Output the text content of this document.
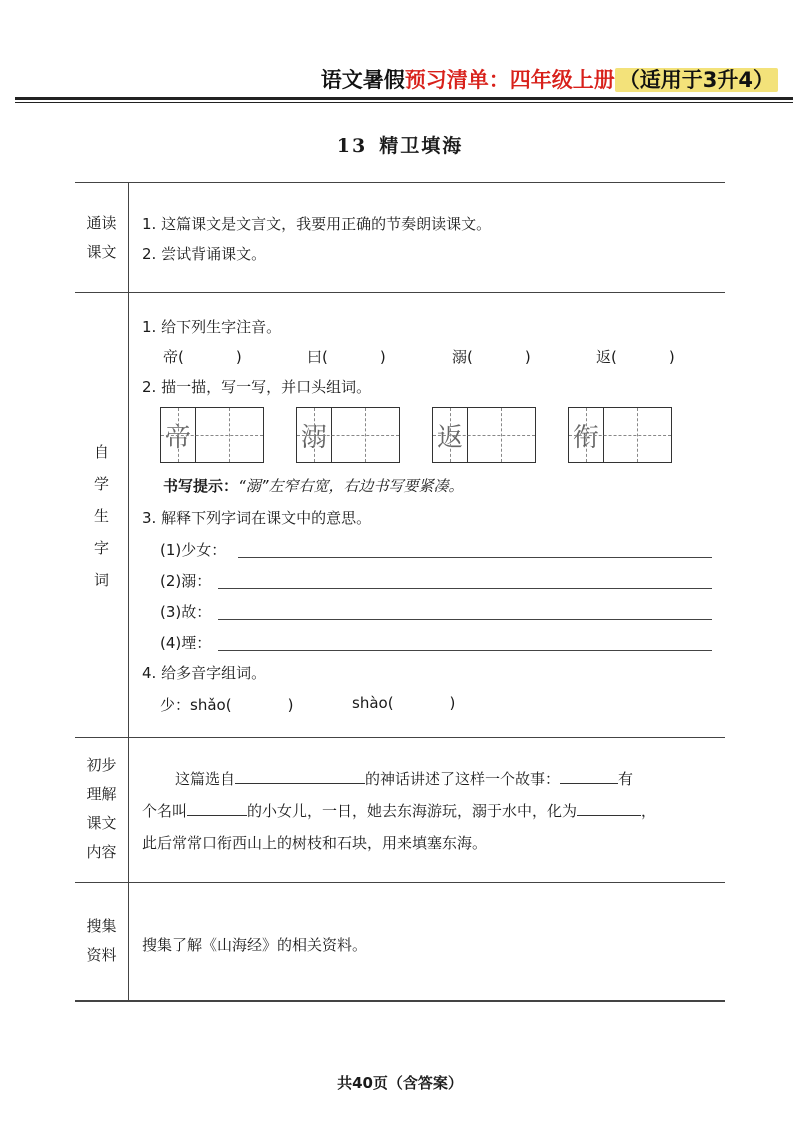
语文暑假预习清单：四年级上册 （适用于3升4）
13 精卫填海
通读
课文
1. 这篇课文是文言文，我要用正确的节奏朗读课文。
2. 尝试背诵课文。
自
学
生
字
词
1. 给下列生字注音。
帝(	)	曰(	)	溺(	)	返(	)
2. 描一描，写一写，并口头组词。
帝	溺	返	衔
书写提示：“溺”左窄右宽，右边书写要紧凑。
3. 解释下列字词在课文中的意思。
(1)少女：
(2)溺：
(3)故：
(4)堙：
4. 给多音字组词。
少：shǎo(	)	shào(	)
初步
理解
课文
内容
这篇选自	的神话讲述了这样一个故事：	有
个名叫	的小女儿，一日，她去东海游玩，溺于水中，化为	，
此后常常口衔西山上的树枝和石块，用来填塞东海。
搜集
资料
搜集了解《山海经》的相关资料。
共40页（含答案）
